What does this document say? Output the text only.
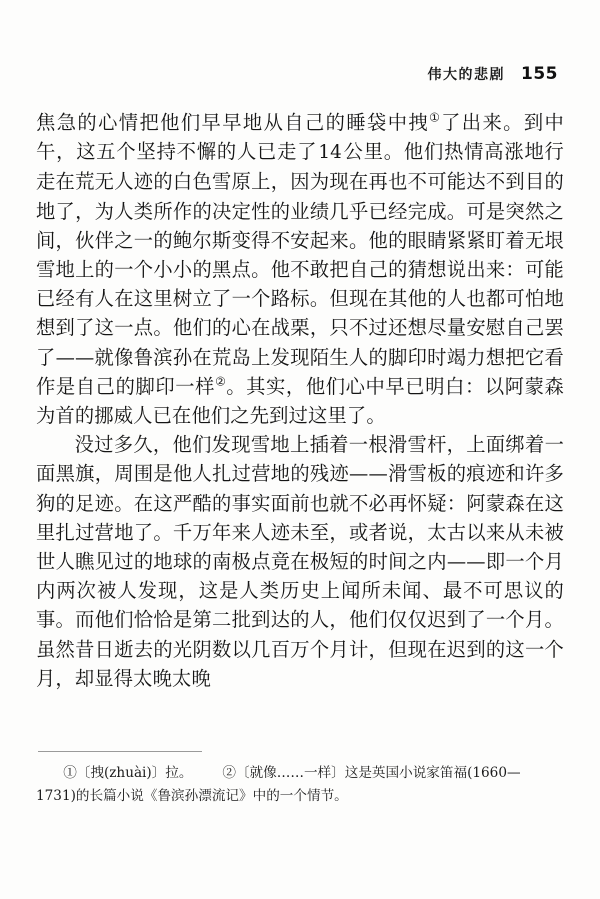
伟大的悲剧 155

焦急的心情把他们早早地从自己的睡袋中拽①了出来。到中午，这五个坚持不懈的人已走了14公里。他们热情高涨地行走在荒无人迹的白色雪原上，因为现在再也不可能达不到目的地了，为人类所作的决定性的业绩几乎已经完成。可是突然之间，伙伴之一的鲍尔斯变得不安起来。他的眼睛紧紧盯着无垠雪地上的一个小小的黑点。他不敢把自己的猜想说出来：可能已经有人在这里树立了一个路标。但现在其他的人也都可怕地想到了这一点。他们的心在战栗，只不过还想尽量安慰自己罢了——就像鲁滨孙在荒岛上发现陌生人的脚印时竭力想把它看作是自己的脚印一样②。其实，他们心中早已明白：以阿蒙森为首的挪威人已在他们之先到过这里了。

没过多久，他们发现雪地上插着一根滑雪杆，上面绑着一面黑旗，周围是他人扎过营地的残迹——滑雪板的痕迹和许多狗的足迹。在这严酷的事实面前也就不必再怀疑：阿蒙森在这里扎过营地了。千万年来人迹未至，或者说，太古以来从未被世人瞧见过的地球的南极点竟在极短的时间之内——即一个月内两次被人发现，这是人类历史上闻所未闻、最不可思议的事。而他们恰恰是第二批到达的人，他们仅仅迟到了一个月。虽然昔日逝去的光阴数以几百万个月计，但现在迟到的这一个月，却显得太晚太晚

①〔拽(zhuài)〕拉。 ②〔就像……一样〕这是英国小说家笛福(1660—

1731)的长篇小说《鲁滨孙漂流记》中的一个情节。
